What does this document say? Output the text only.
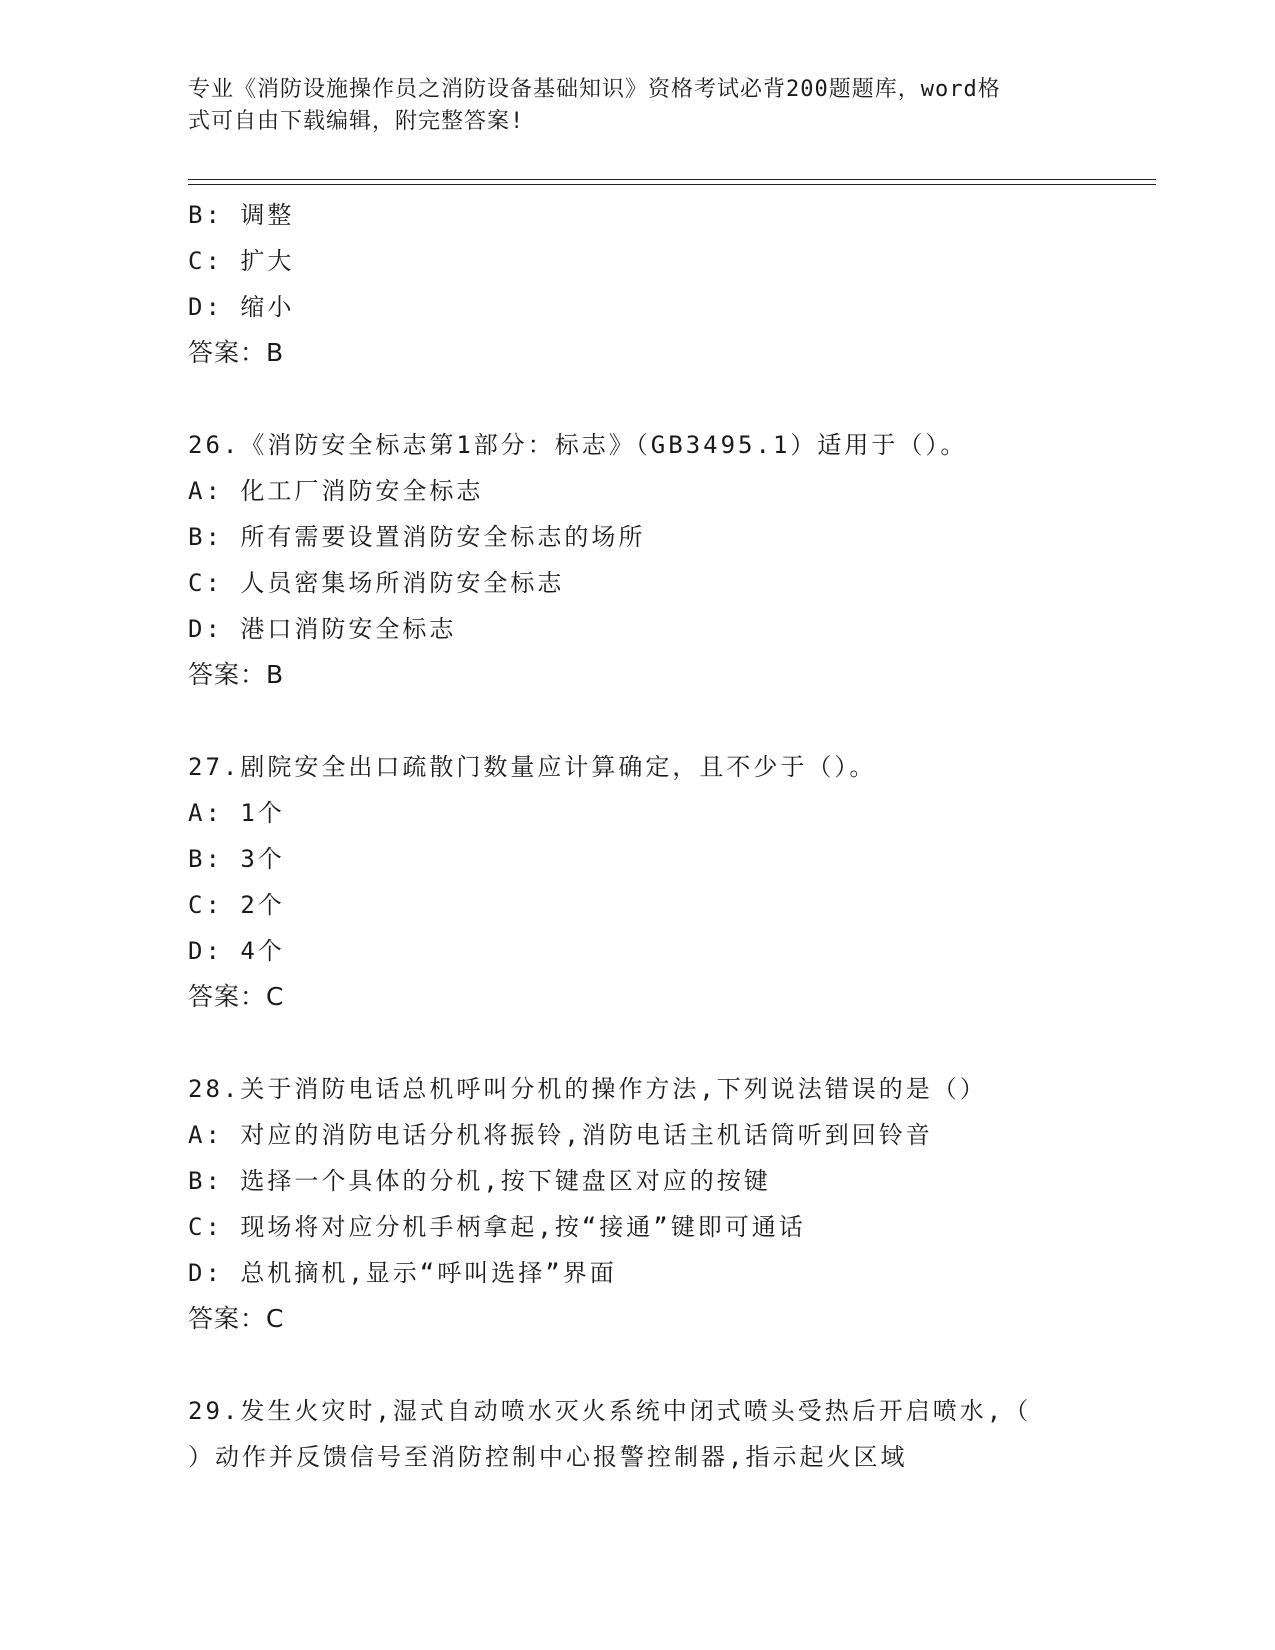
专业《消防设施操作员之消防设备基础知识》资格考试必背200题题库，word格
式可自由下载编辑，附完整答案!
B: 调整
C: 扩大
D: 缩小
答案：B
26.《消防安全标志第1部分：标志》（GB3495.1）适用于（）。
A: 化工厂消防安全标志
B: 所有需要设置消防安全标志的场所
C: 人员密集场所消防安全标志
D: 港口消防安全标志
答案：B
27.剧院安全出口疏散门数量应计算确定，且不少于（）。
A: 1个
B: 3个
C: 2个
D: 4个
答案：C
28.关于消防电话总机呼叫分机的操作方法,下列说法错误的是（）
A: 对应的消防电话分机将振铃,消防电话主机话筒听到回铃音
B: 选择一个具体的分机,按下键盘区对应的按键
C: 现场将对应分机手柄拿起,按“接通”键即可通话
D: 总机摘机,显示“呼叫选择”界面
答案：C
29.发生火灾时,湿式自动喷水灭火系统中闭式喷头受热后开启喷水,（
）动作并反馈信号至消防控制中心报警控制器,指示起火区域
